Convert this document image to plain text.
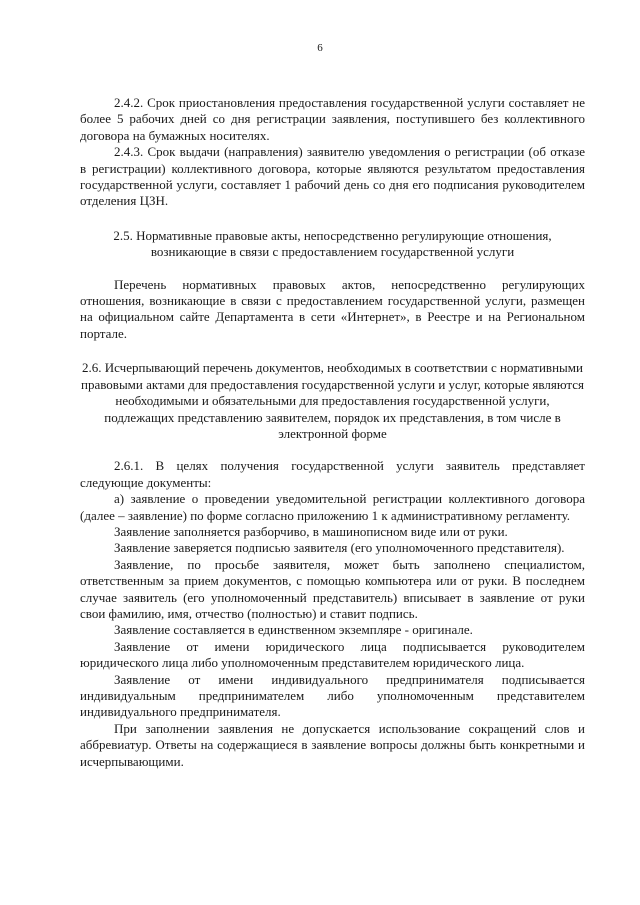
6

2.4.2. Срок приостановления предоставления государственной услуги составляет не более 5 рабочих дней со дня регистрации заявления, поступившего без коллективного договора на бумажных носителях.

2.4.3. Срок выдачи (направления) заявителю уведомления о регистрации (об отказе в регистрации) коллективного договора, которые являются результатом предоставления государственной услуги, составляет 1 рабочий день со дня его подписания руководителем отделения ЦЗН.

2.5. Нормативные правовые акты, непосредственно регулирующие отношения, возникающие в связи с предоставлением государственной услуги

Перечень нормативных правовых актов, непосредственно регулирующих отношения, возникающие в связи с предоставлением государственной услуги, размещен на официальном сайте Департамента в сети «Интернет», в Реестре и на Региональном портале.

2.6. Исчерпывающий перечень документов, необходимых в соответствии с нормативными правовыми актами для предоставления государственной услуги и услуг, которые являются необходимыми и обязательными для предоставления государственной услуги, подлежащих представлению заявителем, порядок их представления, в том числе в электронной форме

2.6.1. В целях получения государственной услуги заявитель представляет следующие документы:

а) заявление о проведении уведомительной регистрации коллективного договора (далее – заявление) по форме согласно приложению 1 к административному регламенту.

Заявление заполняется разборчиво, в машинописном виде или от руки.

Заявление заверяется подписью заявителя (его уполномоченного представителя).

Заявление, по просьбе заявителя, может быть заполнено специалистом, ответственным за прием документов, с помощью компьютера или от руки. В последнем случае заявитель (его уполномоченный представитель) вписывает в заявление от руки свои фамилию, имя, отчество (полностью) и ставит подпись.

Заявление составляется в единственном экземпляре - оригинале.

Заявление от имени юридического лица подписывается руководителем юридического лица либо уполномоченным представителем юридического лица.

Заявление от имени индивидуального предпринимателя подписывается индивидуальным предпринимателем либо уполномоченным представителем индивидуального предпринимателя.

При заполнении заявления не допускается использование сокращений слов и аббревиатур. Ответы на содержащиеся в заявление вопросы должны быть конкретными и исчерпывающими.
